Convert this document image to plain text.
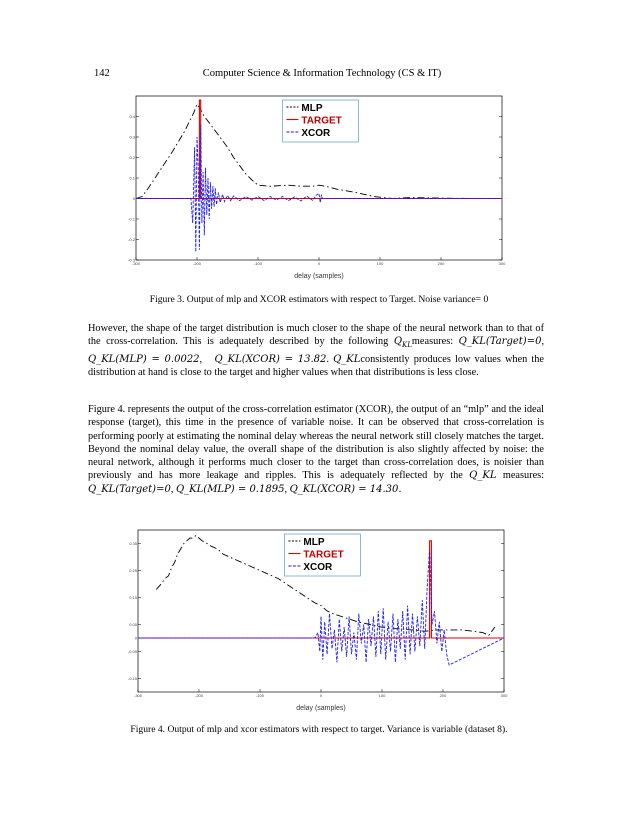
142	Computer Science & Information Technology (CS & IT)
-300	-200	-100	0	100	200	300
-0.3
-0.2
-0.1
0
0.1
0.2
0.3
0.4
delay (samples)
MLP
TARGET
XCOR
Figure 3. Output of mlp and XCOR estimators with respect to Target. Noise variance= 0

However, the shape of the target distribution is much closer to the shape of the neural network than to that of the cross-correlation. This is adequately described by the following $Q_{KL}measures$: Q_KL(Target)=0, Q_KL(MLP) = 0.0022,   Q_KL(XCOR) = 13.82. Q_KLconsistently produces low values when the distribution at hand is close to the target and higher values when that distributions is less close.

Figure 4. represents the output of the cross-correlation estimator (XCOR), the output of an “mlp” and the ideal response (target), this time in the presence of variable noise. It can be observed that cross-correlation is performing poorly at estimating the nominal delay whereas the neural network still closely matches the target. Beyond the nominal delay value, the overall shape of the distribution is also slightly affected by noise: the neural network, although it performs much closer to the target than cross-correlation does, is noisier than previously and has more leakage and ripples. This is adequately reflected by the Q_KL measures: Q_KL(Target)=0, Q_KL(MLP) = 0.1895, Q_KL(XCOR) = 14.30.

-300	-200	-100	0	100	200	300
-0.15
-0.05
0
0.05
0.15
0.25
0.35
delay (samples)
MLP
TARGET
XCOR
Figure 4. Output of mlp and xcor estimators with respect to target. Variance is variable (dataset 8).
